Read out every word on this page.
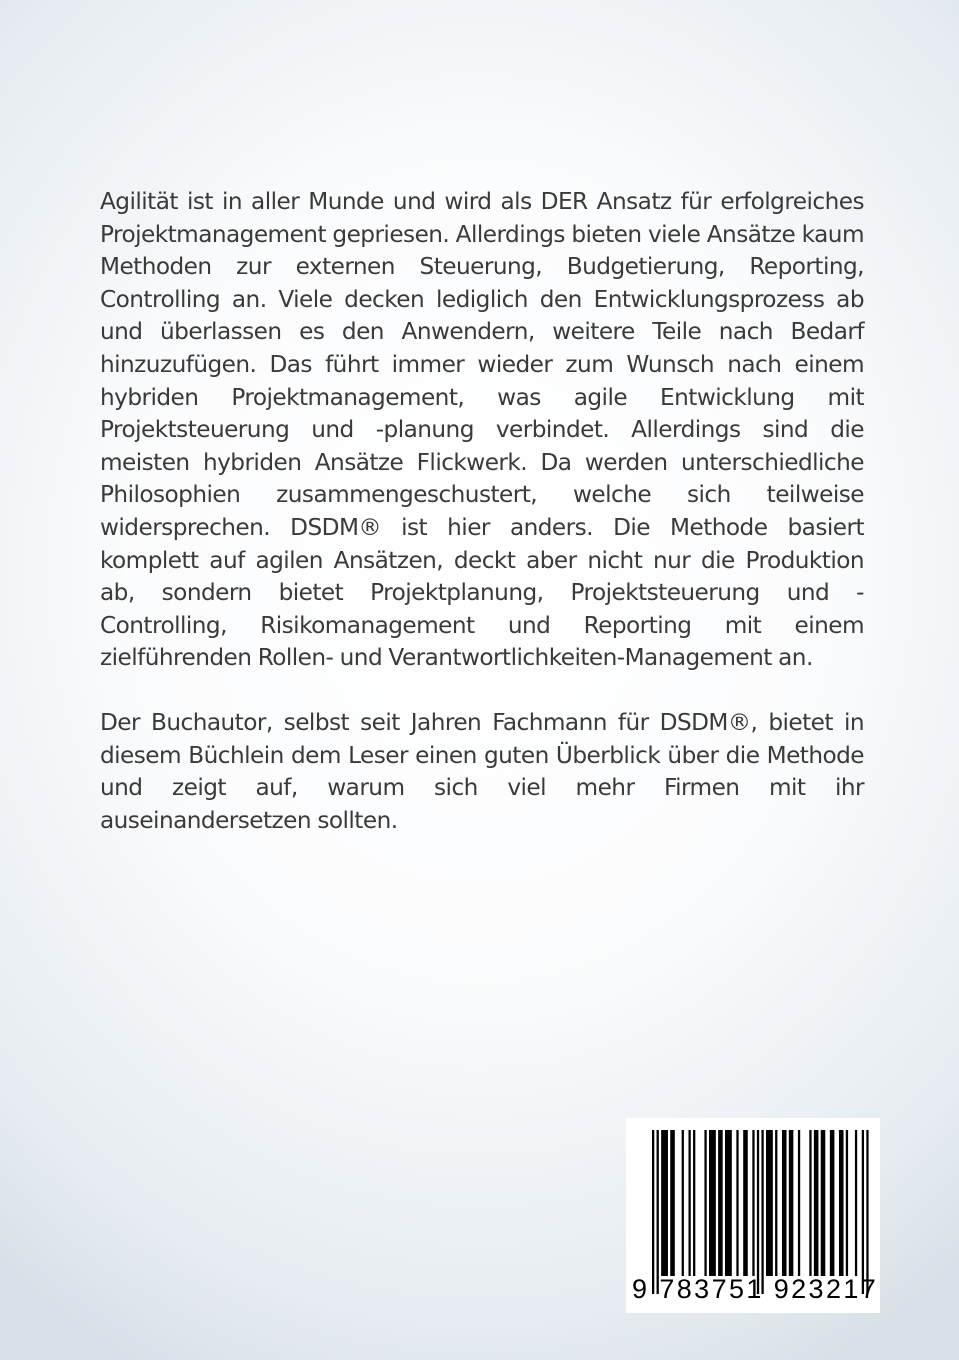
Agilität ist in aller Munde und wird als DER Ansatz für erfolgreiches Projektmanagement gepriesen. Allerdings bieten viele Ansätze kaum Methoden zur externen Steuerung, Budgetierung, Reporting, Controlling an. Viele decken lediglich den Entwicklungsprozess ab und überlassen es den Anwendern, weitere Teile nach Bedarf hinzuzufügen. Das führt immer wieder zum Wunsch nach einem hybriden Projektmanagement, was agile Entwicklung mit Projektsteuerung und -planung verbindet. Allerdings sind die meisten hybriden Ansätze Flickwerk. Da werden unterschiedliche Philosophien zusammengeschustert, welche sich teilweise widersprechen. DSDM® ist hier anders. Die Methode basiert komplett auf agilen Ansätzen, deckt aber nicht nur die Produktion ab, sondern bietet Projektplanung, Projektsteuerung und -Controlling, Risikomanagement und Reporting mit einem zielführenden Rollen- und Verantwortlichkeiten-Management an.

Der Buchautor, selbst seit Jahren Fachmann für DSDM®, bietet in diesem Büchlein dem Leser einen guten Überblick über die Methode und zeigt auf, warum sich viel mehr Firmen mit ihr auseinandersetzen sollten.

9 783751 923217
